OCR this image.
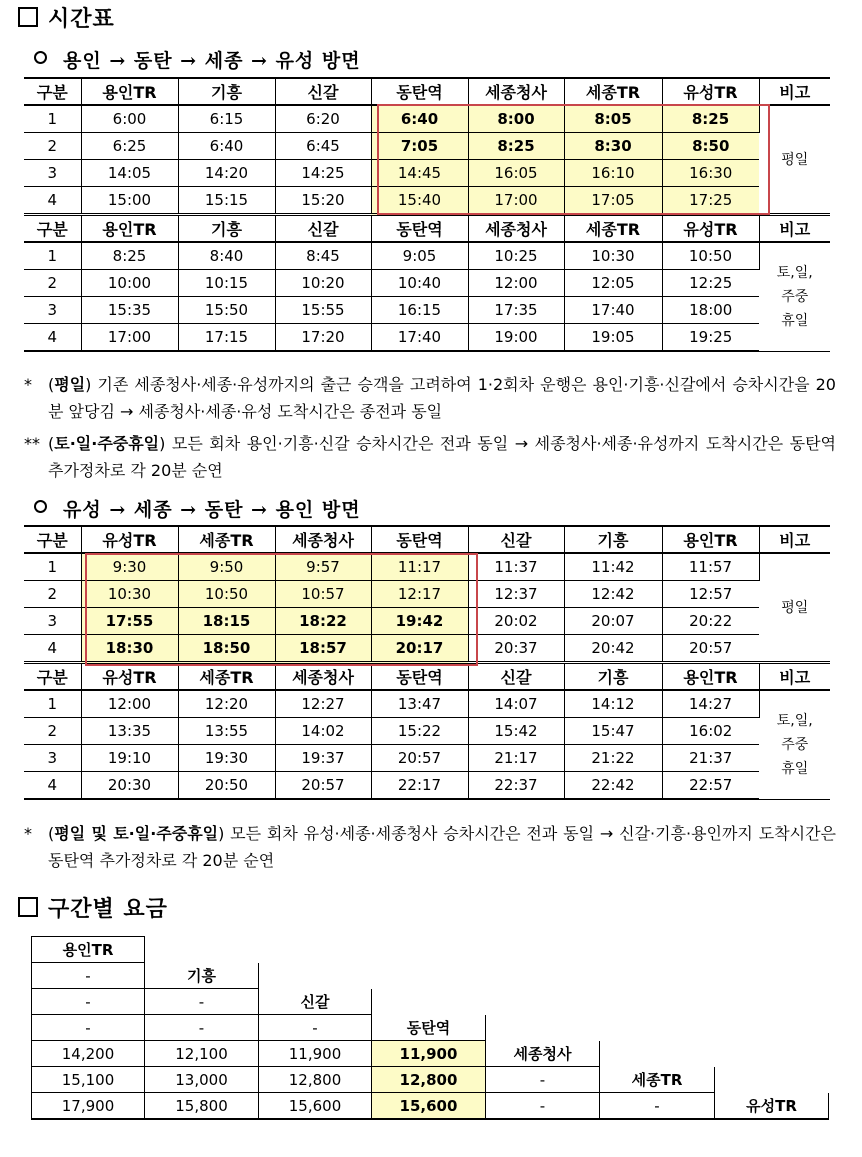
시간표
용인 → 동탄 → 세종 → 유성 방면
구분	용인TR	기흥	신갈	동탄역	세종청사	세종TR	유성TR	비고
1	6:00	6:15	6:20	6:40	8:00	8:05	8:25	평일
2	6:25	6:40	6:45	7:05	8:25	8:30	8:50	
3	14:05	14:20	14:25	14:45	16:05	16:10	16:30	
4	15:00	15:15	15:20	15:40	17:00	17:05	17:25	
구분	용인TR	기흥	신갈	동탄역	세종청사	세종TR	유성TR	비고
1	8:25	8:40	8:45	9:05	10:25	10:30	10:50	토,일,
주중
휴일

2	10:00	10:15	10:20	10:40	12:00	12:05	12:25	
3	15:35	15:50	15:55	16:15	17:35	17:40	18:00	
4	17:00	17:15	17:20	17:40	19:00	19:05	19:25	
* (평일) 기존 세종청사·세종·유성까지의 출근 승객을 고려하여 1·2회차 운행은 용인·기흥·신갈에서 승차시간을 20분 앞당김 → 세종청사·세종·유성 도착시간은 종전과 동일
** (토·일·주중휴일) 모든 회차 용인·기흥·신갈 승차시간은 전과 동일 → 세종청사·세종·유성까지 도착시간은 동탄역 추가정차로 각 20분 순연
유성 → 세종 → 동탄 → 용인 방면
구분	유성TR	세종TR	세종청사	동탄역	신갈	기흥	용인TR	비고
1	9:30	9:50	9:57	11:17	11:37	11:42	11:57	평일
2	10:30	10:50	10:57	12:17	12:37	12:42	12:57	
3	17:55	18:15	18:22	19:42	20:02	20:07	20:22	
4	18:30	18:50	18:57	20:17	20:37	20:42	20:57	
구분	유성TR	세종TR	세종청사	동탄역	신갈	기흥	용인TR	비고
1	12:00	12:20	12:27	13:47	14:07	14:12	14:27	토,일,
주중
휴일

2	13:35	13:55	14:02	15:22	15:42	15:47	16:02	
3	19:10	19:30	19:37	20:57	21:17	21:22	21:37	
4	20:30	20:50	20:57	22:17	22:37	22:42	22:57	
* (평일 및 토·일·주중휴일) 모든 회차 유성·세종·세종청사 승차시간은 전과 동일 → 신갈·기흥·용인까지 도착시간은 동탄역 추가정차로 각 20분 순연
구간별 요금
용인TR						
-	기흥					
-	-	신갈				
-	-	-	동탄역			
14,200	12,100	11,900	11,900	세종청사		
15,100	13,000	12,800	12,800	-	세종TR	
17,900	15,800	15,600	15,600	-	-	유성TR
